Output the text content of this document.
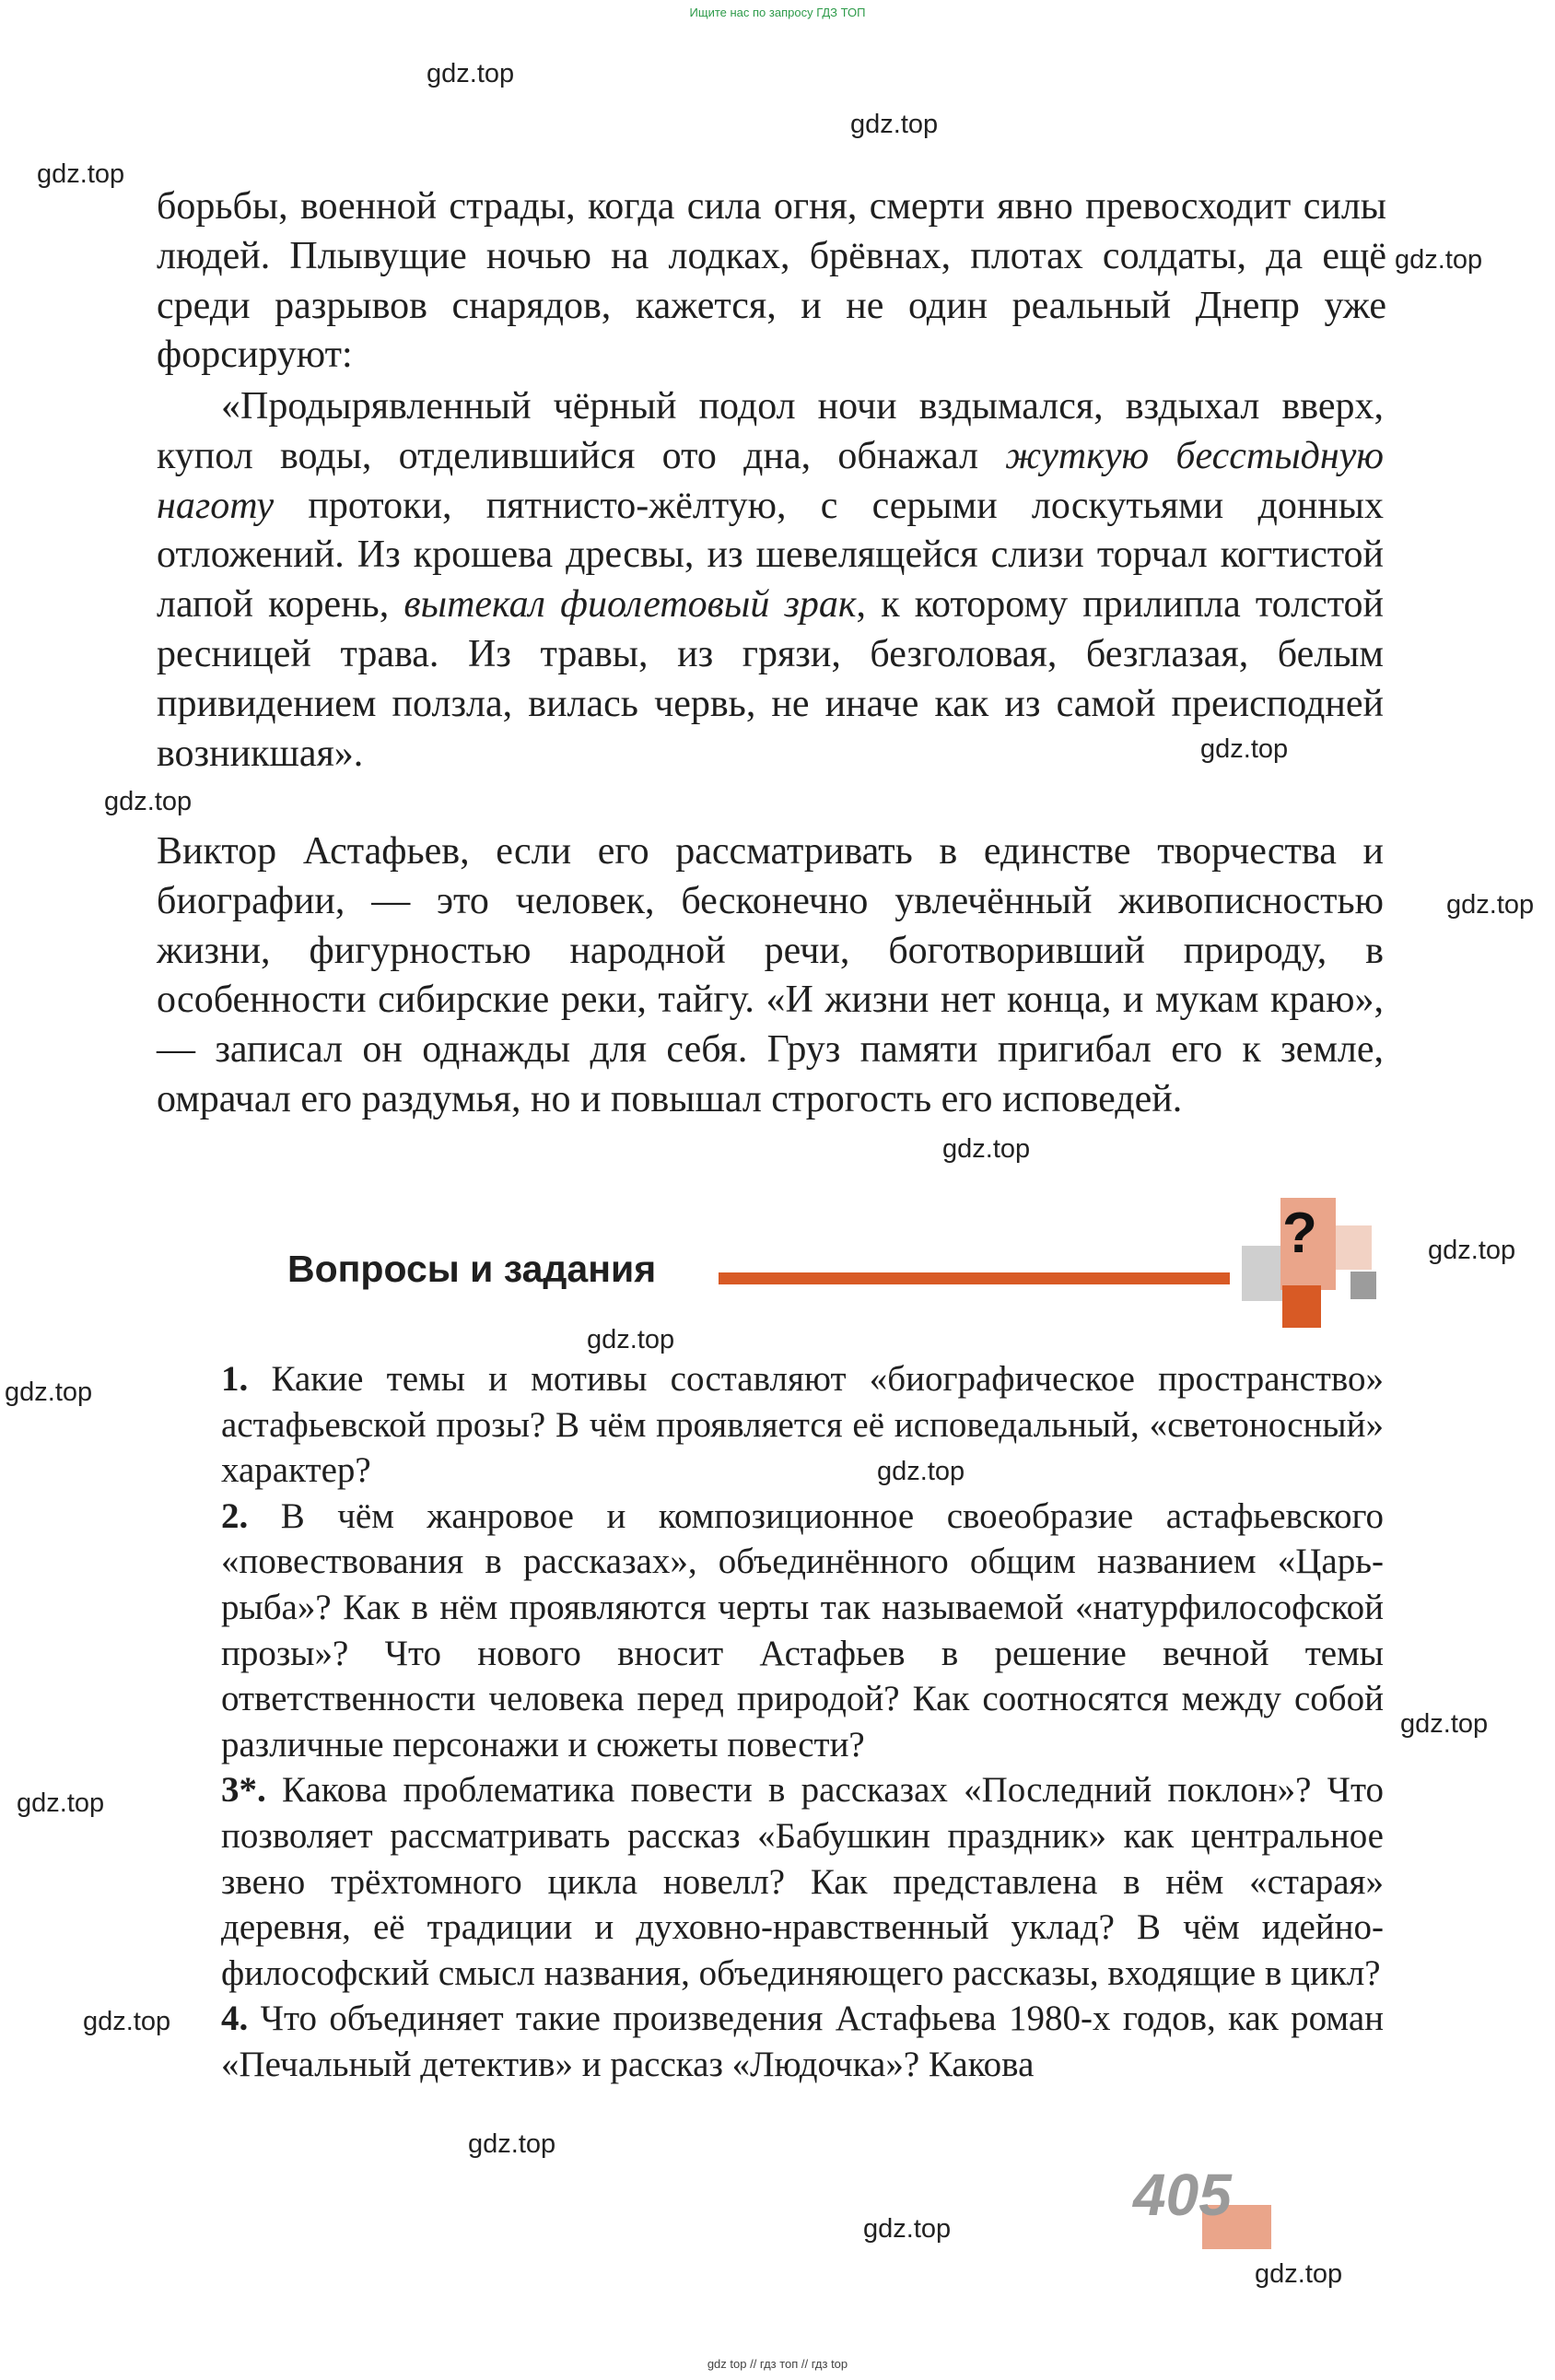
Ищите нас по запросу ГДЗ ТОП
gdz.top
gdz.top
gdz.top
gdz.top
gdz.top
gdz.top
gdz.top
gdz.top
gdz.top
gdz.top
gdz.top
gdz.top
gdz.top
gdz.top
gdz.top
gdz.top
gdz.top
gdz.top

борьбы, военной страды, когда сила огня, смерти явно превосходит силы людей. Плывущие ночью на лодках, брёвнах, плотах солдаты, да ещё среди разрывов снарядов, кажется, и не один реальный Днепр уже форсируют:

«Продырявленный чёрный подол ночи вздымался, вздыхал вверх, купол воды, отделившийся ото дна, обнажал жуткую бесстыдную наготу протоки, пятнисто-жёлтую, с серыми лоскутьями донных отложений. Из крошева дресвы, из шевелящейся слизи торчал когтистой лапой корень, вытекал фиолетовый зрак, к которому прилипла толстой ресницей трава. Из травы, из грязи, безголовая, безглазая, белым привидением ползла, вилась червь, не иначе как из самой преисподней возникшая».

Виктор Астафьев, если его рассматривать в единстве творчества и биографии, — это человек, бесконечно увлечённый живописностью жизни, фигурностью народной речи, боготворивший природу, в особенности сибирские реки, тайгу. «И жизни нет конца, и мукам краю», — записал он однажды для себя. Груз памяти пригибал его к земле, омрачал его раздумья, но и повышал строгость его исповедей.

Вопросы и задания
?

1. Какие темы и мотивы составляют «биографическое пространство» астафьевской прозы? В чём проявляется её исповедальный, «светоносный» характер?

2. В чём жанровое и композиционное своеобразие астафьевского «повествования в рассказах», объединённого общим названием «Царь-рыба»? Как в нём проявляются черты так называемой «натурфилософской прозы»? Что нового вносит Астафьев в решение вечной темы ответственности человека перед природой? Как соотносятся между собой различные персонажи и сюжеты повести?

3*. Какова проблематика повести в рассказах «Последний поклон»? Что позволяет рассматривать рассказ «Бабушкин праздник» как центральное звено трёхтомного цикла новелл? Как представлена в нём «старая» деревня, её традиции и духовно-нравственный уклад? В чём идейно-философский смысл названия, объединяющего рассказы, входящие в цикл?

4. Что объединяет такие произведения Астафьева 1980-х годов, как роман «Печальный детектив» и рассказ «Людочка»? Какова

405
gdz top // гдз топ // гдз top
